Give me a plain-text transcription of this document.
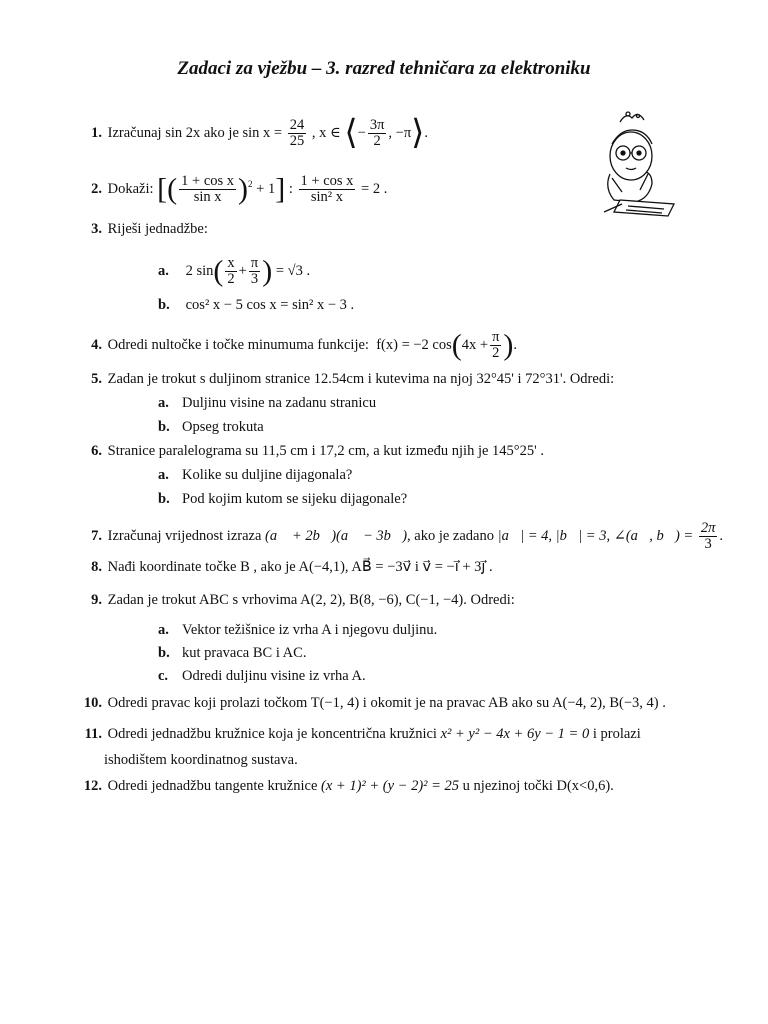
Zadaci za vježbu – 3. razred tehničara za elektroniku
1. Izračunaj sin 2x ako je $\sin x = \frac{24}{25}$ , x ∈ ⟨− $\frac{3\pi}{2}$ , −π⟩.
2. Dokaži: [( $\frac{\text{1 + cos x}}{\text{sin x}} )^2 + 1$] : $\frac{\text{1 + cos x}}{\text{sin² x}} = 2$ .
3. Riješi jednadžbe:
a. 2 $\sin( \frac{x}{2} + \frac{\pi}{3}$ ) = √3 .
b. cos² x − 5 cos x = sin² x − 3 .
4. Odredi nultočke i točke minumuma funkcije: f(x) = −2 $\cos(4x + \frac{\pi}{2}$ ).
5. Zadan je trokut s duljinom stranice 12.54cm i kutevima na njoj 32°45' i 72°31'. Odredi:
a. Duljinu visine na zadanu stranicu
b. Opseg trokuta
6. Stranice paralelograma su 11,5 cm i 17,2 cm, a kut između njih je 145°25' .
a. Kolike su duljine dijagonala?
b. Pod kojim kutom se sijeku dijagonale?
7. Izračunaj vrijednost izraza (a⃗ + 2b⃗)(a⃗ − 3b⃗), ako je zadano |a⃗| = 4, |b⃗| = 3, ∠(a⃗, b⃗) = $\frac{2\pi}{3}$ .
8. Nađi koordinate točke B , ako je A(−4,1), AB⃗ = −3v⃗ i v⃗ = −i⃗ + 3j⃗ .
9. Zadan je trokut ABC s vrhovima A(2, 2), B(8, −6), C(−1, −4). Odredi:
a. Vektor težišnice iz vrha A i njegovu duljinu.
b. kut pravaca BC i AC.
c. Odredi duljinu visine iz vrha A.
10. Odredi pravac koji prolazi točkom T(−1, 4) i okomit je na pravac AB ako su A(−4, 2), B(−3, 4) .
11. Odredi jednadžbu kružnice koja je koncentrična kružnici x² + y² − 4x + 6y − 1 = 0 i prolazi
ishodištem koordinatnog sustava.
12. Odredi jednadžbu tangente kružnice (x + 1)² + (y − 2)² = 25 u njezinoj točki D(x<0,6).
